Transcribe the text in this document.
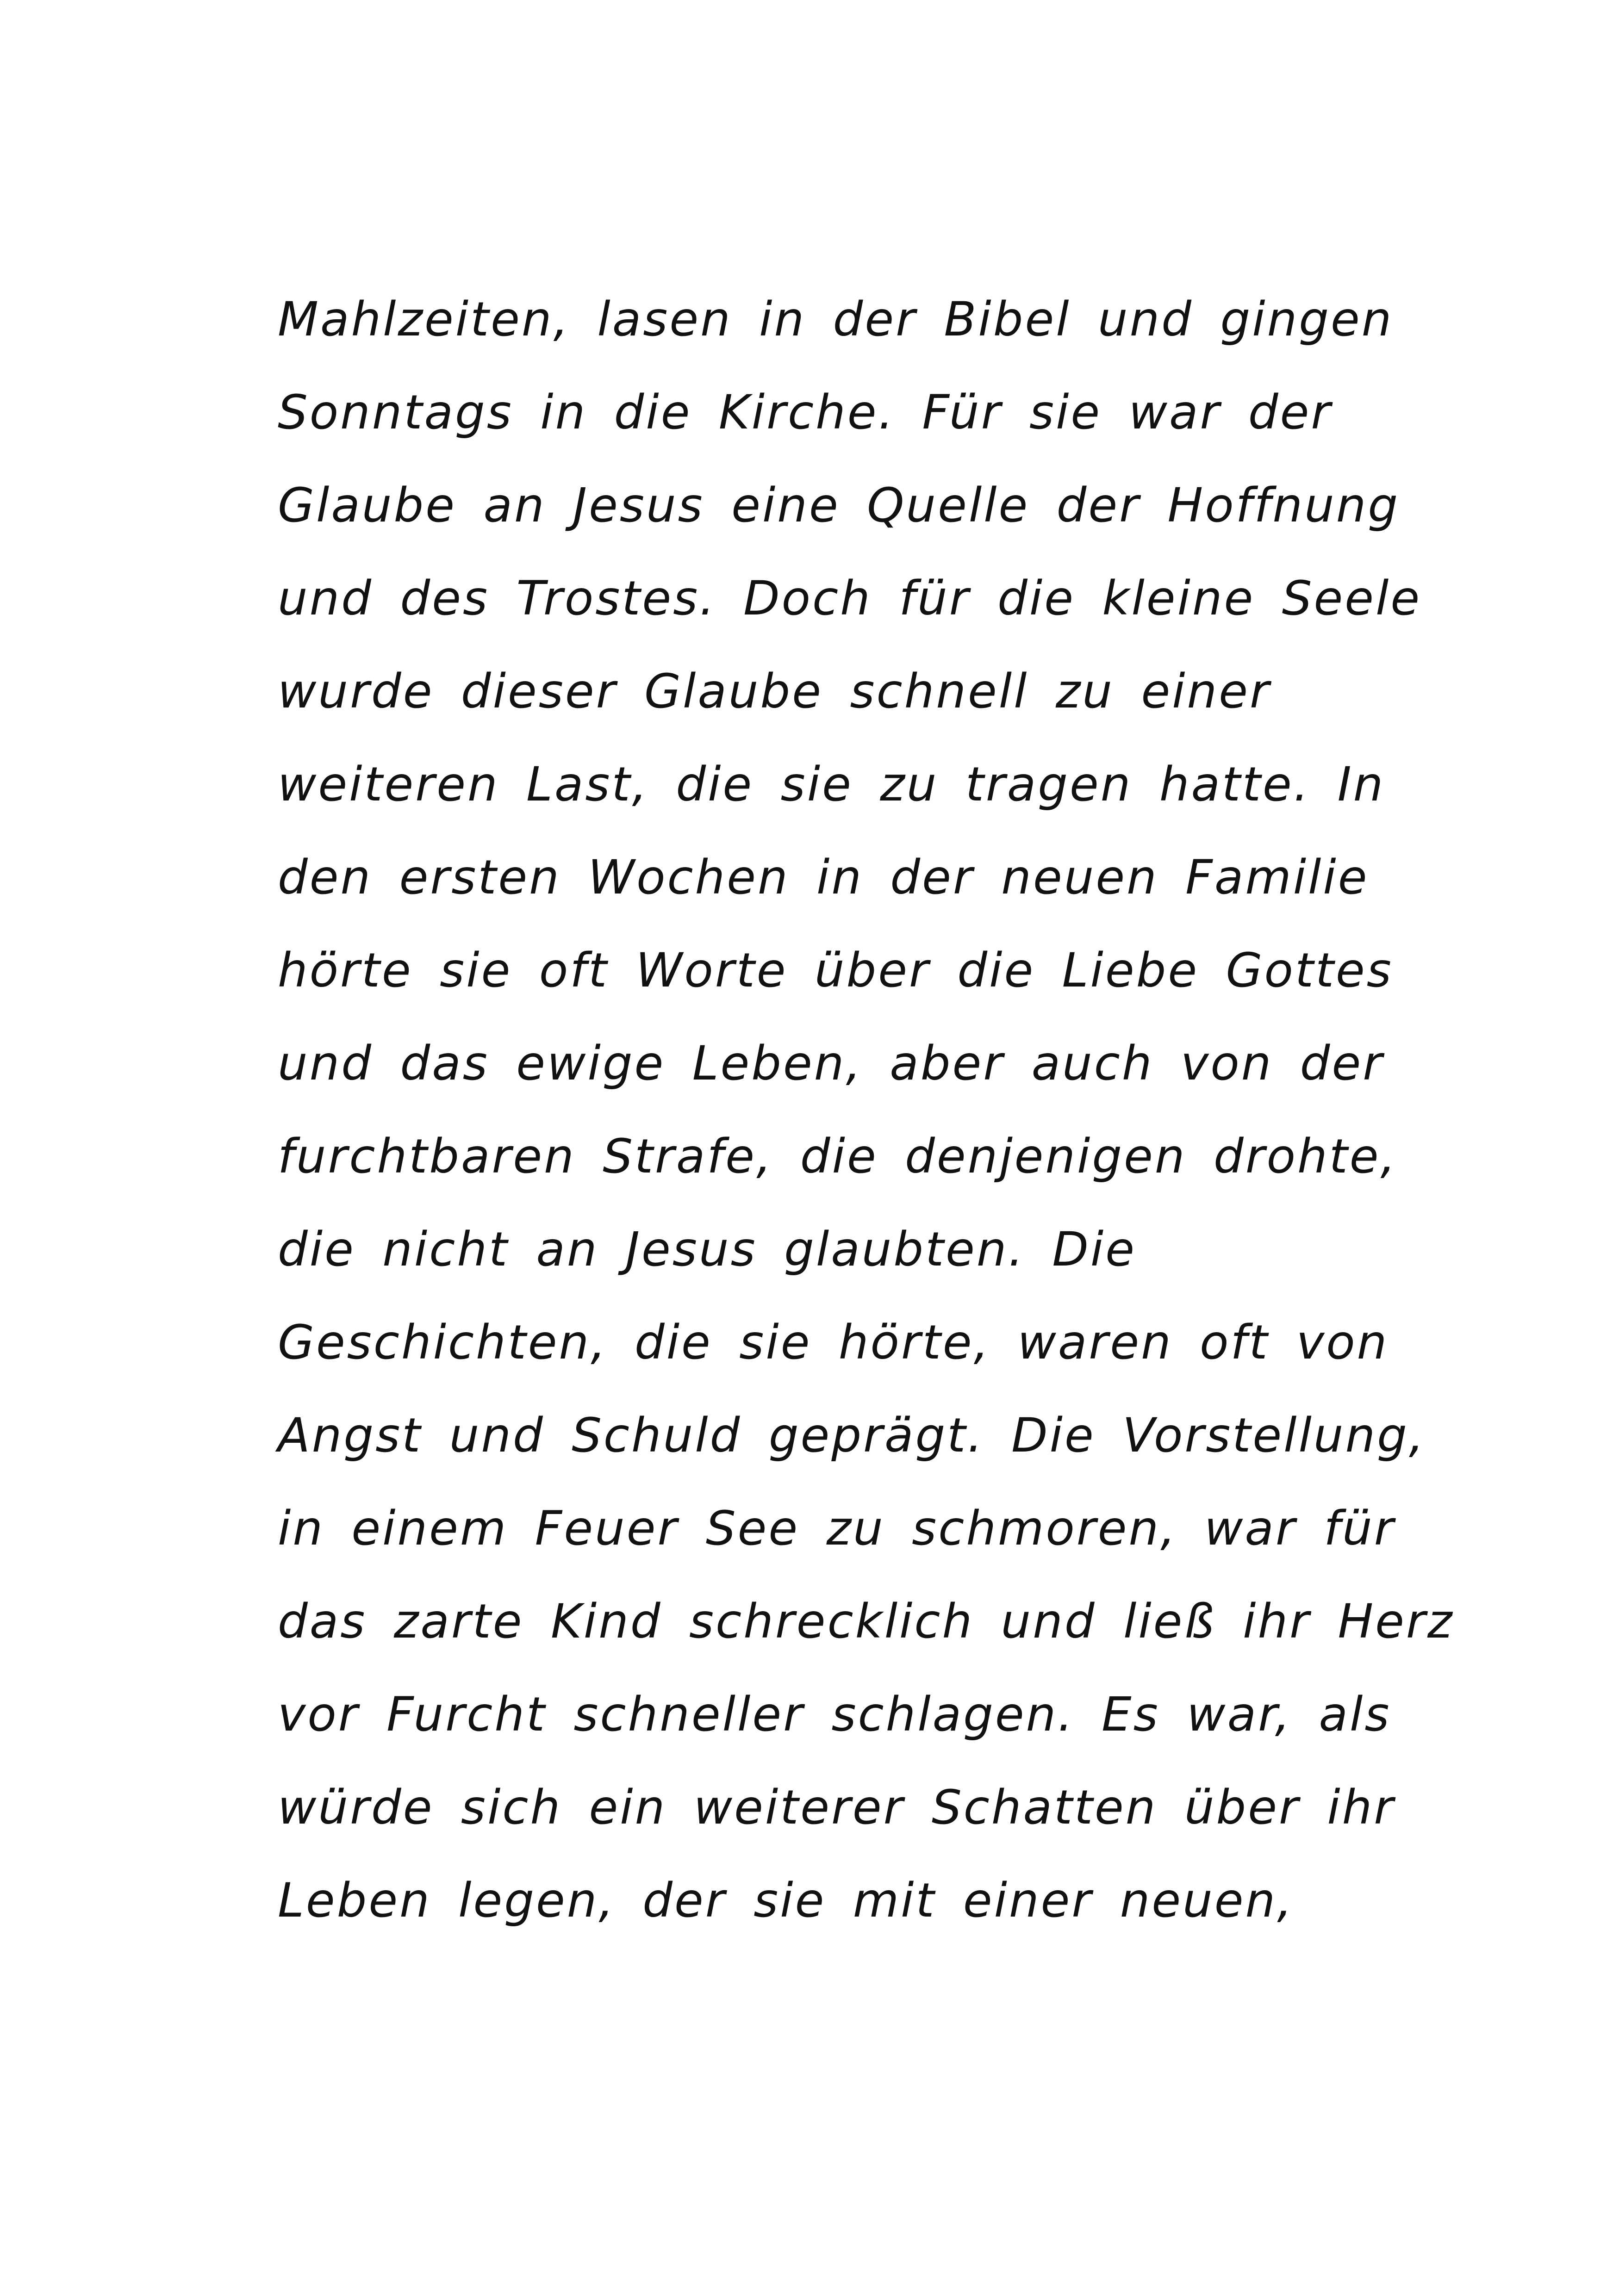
Mahlzeiten, lasen in der Bibel und gingen
Sonntags in die Kirche. Für sie war der
Glaube an Jesus eine Quelle der Hoffnung
und des Trostes. Doch für die kleine Seele
wurde dieser Glaube schnell zu einer
weiteren Last, die sie zu tragen hatte. In
den ersten Wochen in der neuen Familie
hörte sie oft Worte über die Liebe Gottes
und das ewige Leben, aber auch von der
furchtbaren Strafe, die denjenigen drohte,
die nicht an Jesus glaubten. Die
Geschichten, die sie hörte, waren oft von
Angst und Schuld geprägt. Die Vorstellung,
in einem Feuer See zu schmoren, war für
das zarte Kind schrecklich und ließ ihr Herz
vor Furcht schneller schlagen. Es war, als
würde sich ein weiterer Schatten über ihr
Leben legen, der sie mit einer neuen,
